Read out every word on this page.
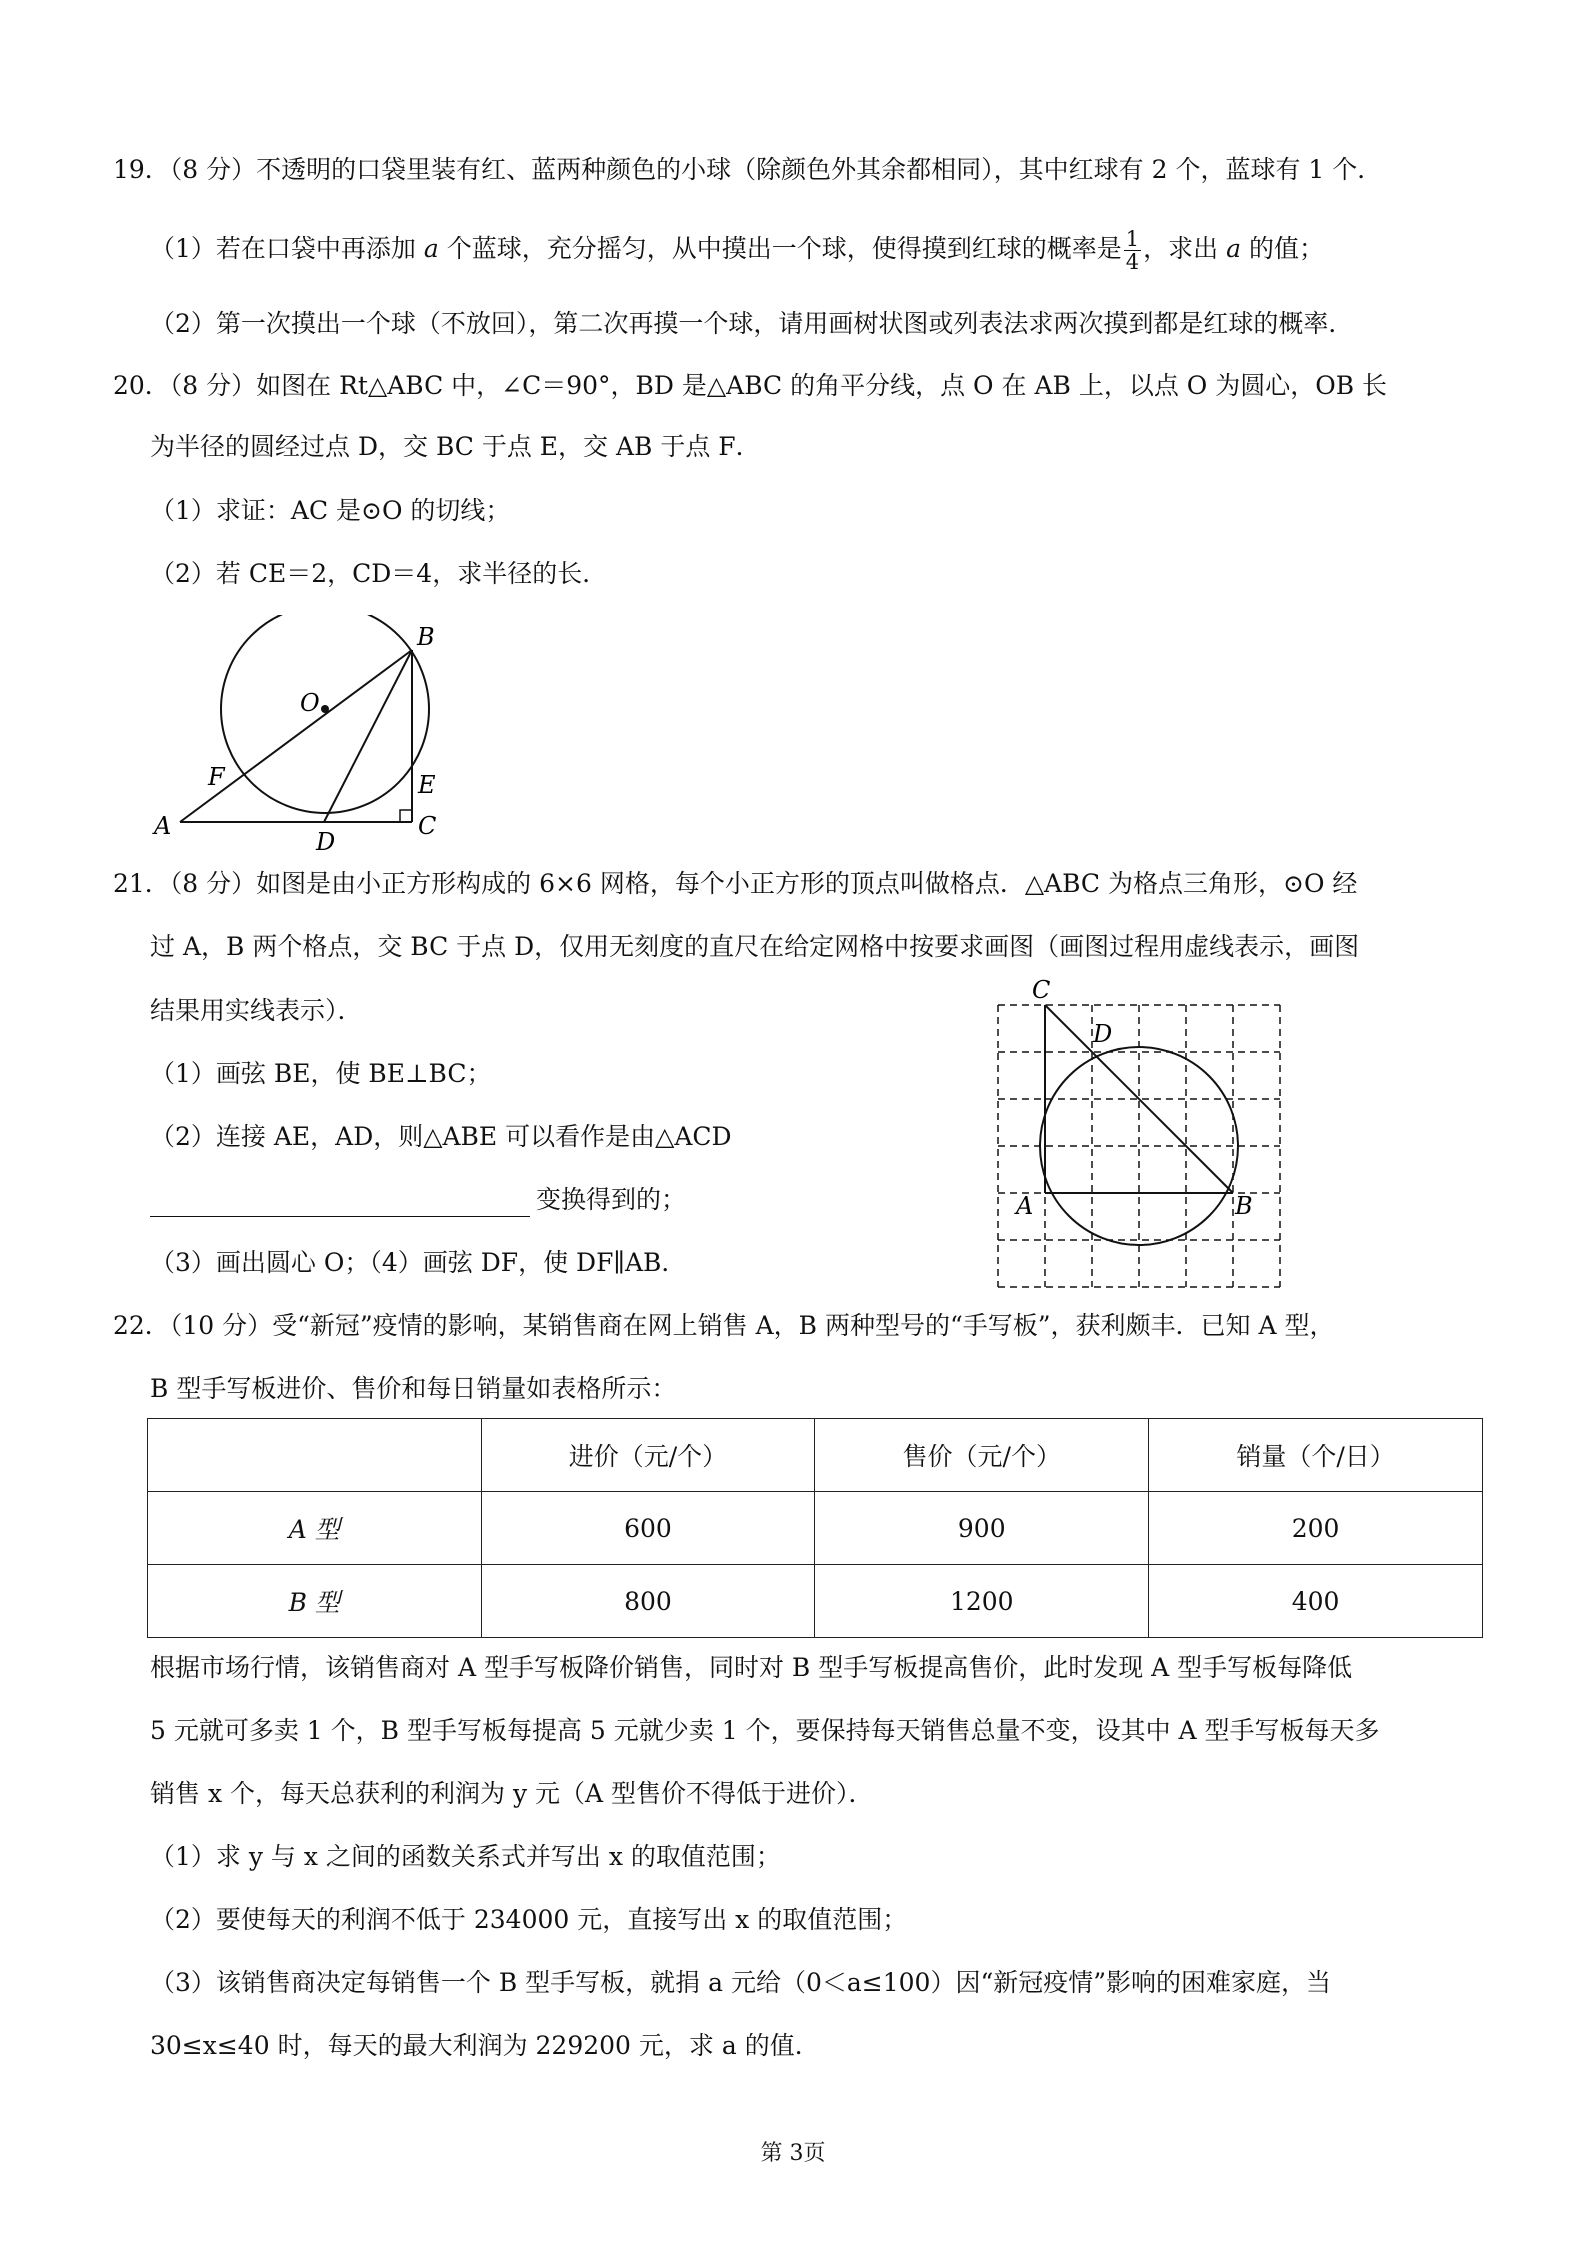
19．（8 分）不透明的口袋里装有红、蓝两种颜色的小球（除颜色外其余都相同），其中红球有 2 个，蓝球有 1 个．
（1）若在口袋中再添加 a 个蓝球，充分摇匀，从中摸出一个球，使得摸到红球的概率是 $\frac{1}{4}$ ，求出 a 的值；
（2）第一次摸出一个球（不放回），第二次再摸一个球，请用画树状图或列表法求两次摸到都是红球的概率．
20．（8 分）如图在 Rt△ABC 中，∠C＝90°，BD 是△ABC 的角平分线，点 O 在 AB 上，以点 O 为圆心，OB 长
为半径的圆经过点 D，交 BC 于点 E，交 AB 于点 F．
（1）求证：AC 是⊙O 的切线；
（2）若 CE＝2，CD＝4，求半径的长．
B
O
F	E
A
D
C
21．（8 分）如图是由小正方形构成的 6×6 网格，每个小正方形的顶点叫做格点．△ABC 为格点三角形，⊙O 经
过 A，B 两个格点，交 BC 于点 D，仅用无刻度的直尺在给定网格中按要求画图（画图过程用虚线表示，画图
结果用实线表示）．
（1）画弦 BE，使 BE⊥BC；
（2）连接 AE，AD，则△ABE 可以看作是由△ACD
变换得到的；
（3）画出圆心 O；（4）画弦 DF，使 DF∥AB．
C
D
A	B
22．（10 分）受“新冠”疫情的影响，某销售商在网上销售 A，B 两种型号的“手写板”，获利颇丰．已知 A 型，
B 型手写板进价、售价和每日销量如表格所示：
	进价（元/个）	售价（元/个）	销量（个/日）
A 型	600	900	200
B 型	800	1200	400
根据市场行情，该销售商对 A 型手写板降价销售，同时对 B 型手写板提高售价，此时发现 A 型手写板每降低
5 元就可多卖 1 个，B 型手写板每提高 5 元就少卖 1 个，要保持每天销售总量不变，设其中 A 型手写板每天多
销售 x 个，每天总获利的利润为 y 元（A 型售价不得低于进价）．
（1）求 y 与 x 之间的函数关系式并写出 x 的取值范围；
（2）要使每天的利润不低于 234000 元，直接写出 x 的取值范围；
（3）该销售商决定每销售一个 B 型手写板，就捐 a 元给（0＜a≤100）因“新冠疫情”影响的困难家庭，当
30≤x≤40 时，每天的最大利润为 229200 元，求 a 的值．
第 3页
